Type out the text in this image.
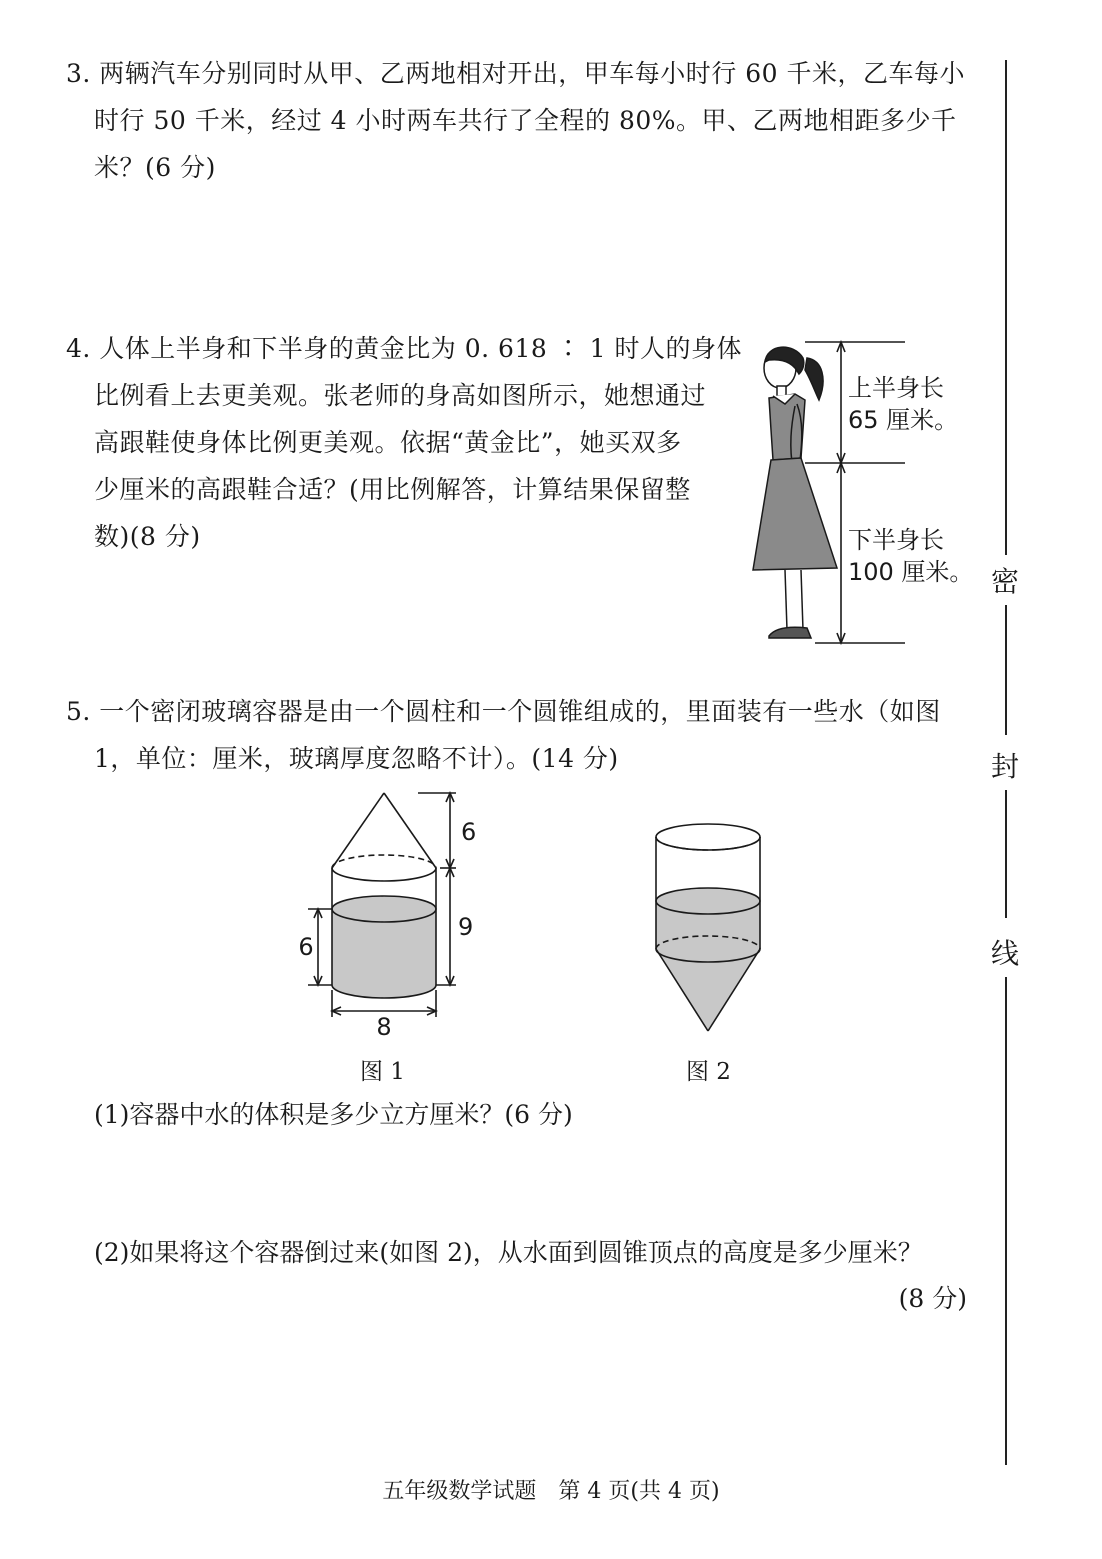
3. 两辆汽车分别同时从甲、乙两地相对开出，甲车每小时行 60 千米，乙车每小
时行 50 千米，经过 4 小时两车共行了全程的 80%。甲、乙两地相距多少千
米？(6 分)
4. 人体上半身和下半身的黄金比为 0. 618 ∶ 1 时人的身体
比例看上去更美观。张老师的身高如图所示，她想通过
高跟鞋使身体比例更美观。依据“黄金比”，她买双多
少厘米的高跟鞋合适？(用比例解答，计算结果保留整
数)(8 分)
上半身长
65 厘米。
下半身长
100 厘米。
5. 一个密闭玻璃容器是由一个圆柱和一个圆锥组成的，里面装有一些水（如图
1，单位：厘米，玻璃厚度忽略不计）。(14 分)
6
9
6
8
图 1	图 2
(1)容器中水的体积是多少立方厘米？(6 分)
(2)如果将这个容器倒过来(如图 2)，从水面到圆锥顶点的高度是多少厘米？
(8 分)
密
封
线
五年级数学试题　第 4 页(共 4 页)
